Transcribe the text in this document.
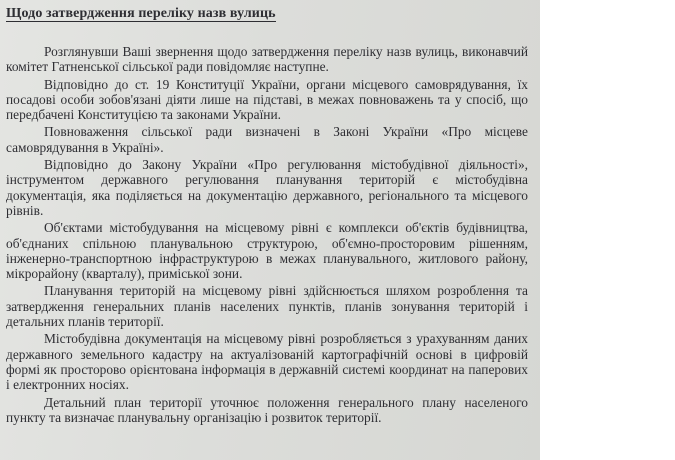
Щодо затвердження переліку назв вулиць

Розглянувши Ваші звернення щодо затвердження переліку назв вулиць, виконавчий комітет Гатненської сільської ради повідомляє наступне.

Відповідно до ст. 19 Конституції України, органи місцевого самоврядування, їх посадові особи зобов'язані діяти лише на підставі, в межах повноважень та у спосіб, що передбачені Конституцією та законами України.

Повноваження сільської ради визначені в Законі України «Про місцеве самоврядування в Україні».

Відповідно до Закону України «Про регулювання містобудівної діяльності», інструментом державного регулювання планування територій є містобудівна документація, яка поділяється на документацію державного, регіонального та місцевого рівнів.

Об'єктами містобудування на місцевому рівні є комплекси об'єктів будівництва, об'єднаних спільною планувальною структурою, об'ємно-просторовим рішенням, інженерно-транспортною інфраструктурою в межах планувального, житлового району, мікрорайону (кварталу), приміської зони.

Планування територій на місцевому рівні здійснюється шляхом розроблення та затвердження генеральних планів населених пунктів, планів зонування територій і детальних планів території.

Містобудівна документація на місцевому рівні розробляється з урахуванням даних державного земельного кадастру на актуалізованій картографічній основі в цифровій формі як просторово орієнтована інформація в державній системі координат на паперових і електронних носіях.

Детальний план території уточнює положення генерального плану населеного пункту та визначає планувальну організацію і розвиток території.
